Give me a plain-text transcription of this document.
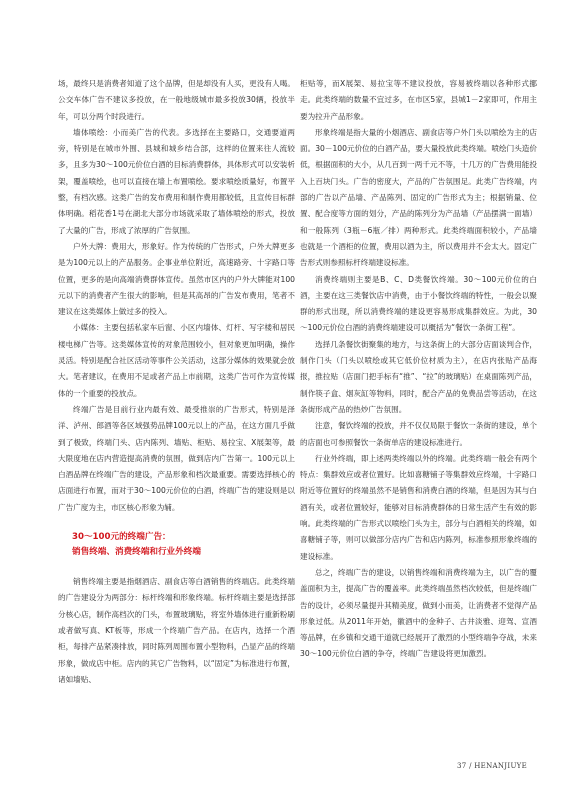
场，最终只是消费者知道了这个品牌，但是却没有人买，更没有人喝。公交车体广告不建议多投放，在一般地级城市最多投放30辆，投放半年，可以分两个时段进行。

墙体喷绘：小而美广告的代表。多选择在主要路口，交通要道两旁，特别是在城市外围、县城和城乡结合部，这样的位置来往人流较多，且多为30～100元价位白酒的目标消费群体，具体形式可以安装析架，覆盖喷绘，也可以直接在墙上布置喷绘。要求喷绘质量好，布置平整，有档次感。这类广告的发布费用和制作费用都较低，且宣传目标群体明确。稻花香1号在湖北大部分市场就采取了墙体喷绘的形式，投放了大量的广告，形成了浓厚的广告氛围。

户外大牌：费用大，形象好。作为传统的广告形式，户外大牌更多是为100元以上的产品服务。企事业单位附近，高速路旁、十字路口等位置，更多的是向高端消费群体宣传。虽然市区内的户外大牌能对100元以下的消费者产生很大的影响，但是其高昂的广告发布费用，笔者不建议在这类媒体上做过多的投入。

小媒体：主要包括私家车后窗、小区内墙体、灯杆、写字楼和居民楼电梯广告等。这类媒体宣传的对象范围较小，但对象更加明确，操作灵活。特别是配合社区活动等事件公关活动，这部分媒体的效果就会放大。笔者建议，在费用不足或者产品上市前期，这类广告可作为宣传媒体的一个重要的投放点。

终端广告是目前行业内最有效、最受推崇的广告形式，特别是泽洋、泸州、郎酒等各区域强势品牌100元以上的产品，在这方面几乎做到了极致，终端门头、店内陈列、墙贴、柜贴、易拉宝、X展架等，最大限度地在店内营造提高消费的氛围，做到店内广告第一。100元以上白酒品牌在终端广告的建设，产品形象和档次最重要。需要选择核心的店面进行布置，而对于30～100元价位的白酒，终端广告的建设则是以广告广度为主，市区核心形象为辅。

30～100元的终端广告：
销售终端、消费终端和行业外终端

销售终端主要是指烟酒店、副食店等白酒销售的终端店。此类终端的广告建设分为两部分：标杆终端和形象终端。标杆终端主要是选择部分核心店，制作高档次的门头，布置玻璃贴，将室外墙体进行重新粉刷或者做写真、KT板等，形成一个终端广告产品。在店内，选择一个酒柜，每排产品紧凑排放，同时陈列周围布置小型物料，凸显产品的终端形象，做成店中柜。店内的其它广告物料，以“固定”为标准进行布置，诸如墙贴、

柜贴等，而X展架、易拉宝等不建议投放，容易被终端以各种形式挪走。此类终端的数量不宜过多，在市区5家，县城1－2家即可，作用主要为拉升产品形象。

形象终端是指大量的小烟酒店、副食店等户外门头以喷绘为主的店面。30－100元价位的白酒产品，要大量投放此类终端。喷绘门头造价低，根据面积的大小，从几百到一两千元不等，十几万的广告费用能投入上百块门头。广告的密度大，产品的广告氛围足。此类广告终端，内部的广告以产品墙、产品陈列、固定的广告形式为主；根据销量、位置、配合度等方面的划分，产品的陈列分为产品墙（产品摆满一面墙）和一般陈列（3瓶－6瓶／排）两种形式。此类终端面积较小，产品墙也就是一个酒柜的位置，费用以酒为主，所以费用并不会太大。固定广告形式则参照标杆终端建设标准。

消费终端则主要是B、C、D类餐饮终端。30～100元价位的白酒，主要在这三类餐饮店中消费，由于小餐饮终端的特性，一般会以聚群的形式出现，所以消费终端的建设更容易形成集群效应。为此，30～100元价位白酒的消费终端建设可以概括为“餐饮一条街工程”。

选择几条餐饮街聚集的地方，与这条街上的大部分店面谈判合作，制作门头（门头以喷绘或其它低价位材质为主），在店内张贴产品海报，推拉贴（店面门把手标有“推”、“拉”的玻璃贴）在桌面陈列产品，制作筷子盒、烟灰缸等物料，同时，配合产品的免费品尝等活动，在这条街形成产品的热炒广告氛围。

注意，餐饮终端的投放，并不仅仅局限于餐饮一条街的建设，单个的店面也可参照餐饮一条街单店的建设标准进行。

行业外终端，即上述两类终端以外的终端。此类终端一般会有两个特点：集群效应或者位置好。比如喜糖铺子等集群效应终端，十字路口附近等位置好的终端虽然不是销售和消费白酒的终端，但是因为其与白酒有关，或者位置较好，能够对目标消费群体的日常生活产生有效的影响。此类终端的广告形式以喷绘门头为主，部分与白酒相关的终端，如喜糖铺子等，则可以做部分店内广告和店内陈列，标准参照形象终端的建设标准。

总之，终端广告的建设，以销售终端和消费终端为主，以广告的覆盖面积为主，提高广告的覆盖率。此类终端虽然档次较低，但是终端广告的设计，必须尽量提升其精美度，做到小而美，让消费者不觉得产品形象过低。从2011年开始，徽酒中的金种子、古井淡雅、迎驾、宣酒等品牌，在乡镇和交通干道就已经展开了激烈的小型终端争夺战，未来30～100元价位白酒的争夺，终端广告建设将更加激烈。

37 / HENANJIUYE
